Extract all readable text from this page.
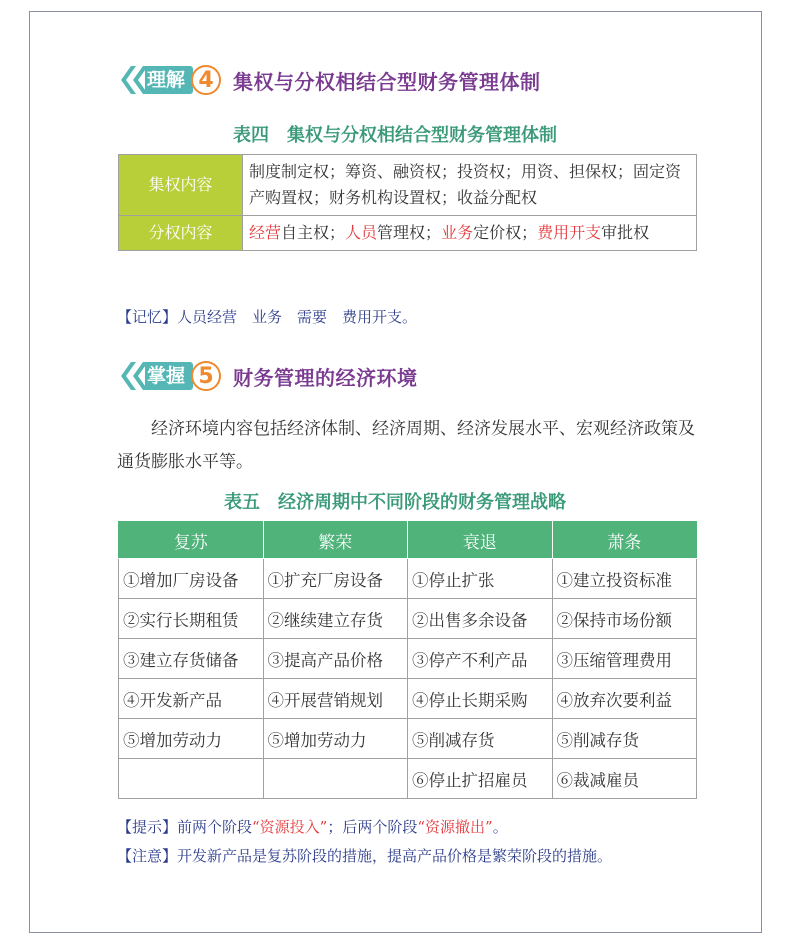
理解 4 集权与分权相结合型财务管理体制
表四　集权与分权相结合型财务管理体制
集权内容	制度制定权；筹资、融资权；投资权；用资、担保权；固定资产购置权；财务机构设置权；收益分配权
分权内容	经营自主权；人员管理权；业务定价权；费用开支审批权
【记忆】人员经营　业务　需要　费用开支。
掌握 5 财务管理的经济环境
经济环境内容包括经济体制、经济周期、经济发展水平、宏观经济政策及通货膨胀水平等。
表五　经济周期中不同阶段的财务管理战略
复苏	繁荣	衰退	萧条
①增加厂房设备	①扩充厂房设备	①停止扩张	①建立投资标准
②实行长期租赁	②继续建立存货	②出售多余设备	②保持市场份额
③建立存货储备	③提高产品价格	③停产不利产品	③压缩管理费用
④开发新产品	④开展营销规划	④停止长期采购	④放弃次要利益
⑤增加劳动力	⑤增加劳动力	⑤削减存货	⑤削减存货
		⑥停止扩招雇员	⑥裁减雇员
【提示】前两个阶段“资源投入”；后两个阶段“资源撤出”。
【注意】开发新产品是复苏阶段的措施，提高产品价格是繁荣阶段的措施。
